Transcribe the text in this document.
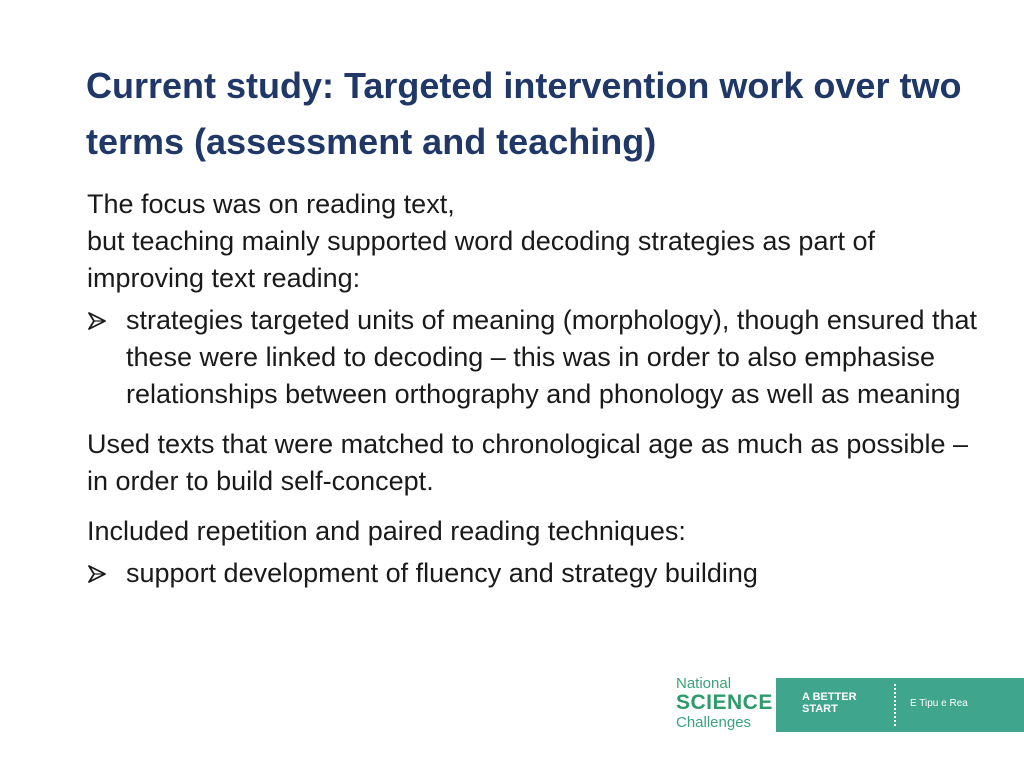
Current study: Targeted intervention work over two terms (assessment and teaching)

The focus was on reading text,

but teaching mainly supported word decoding strategies as part of improving text reading:

strategies targeted units of meaning (morphology), though ensured that these were linked to decoding – this was in order to also emphasise relationships between orthography and phonology as well as meaning

Used texts that were matched to chronological age as much as possible – in order to build self-concept.

Included repetition and paired reading techniques:

support development of fluency and strategy building
National
SCIENCE
Challenges
A BETTER START	E Tipu e Rea
